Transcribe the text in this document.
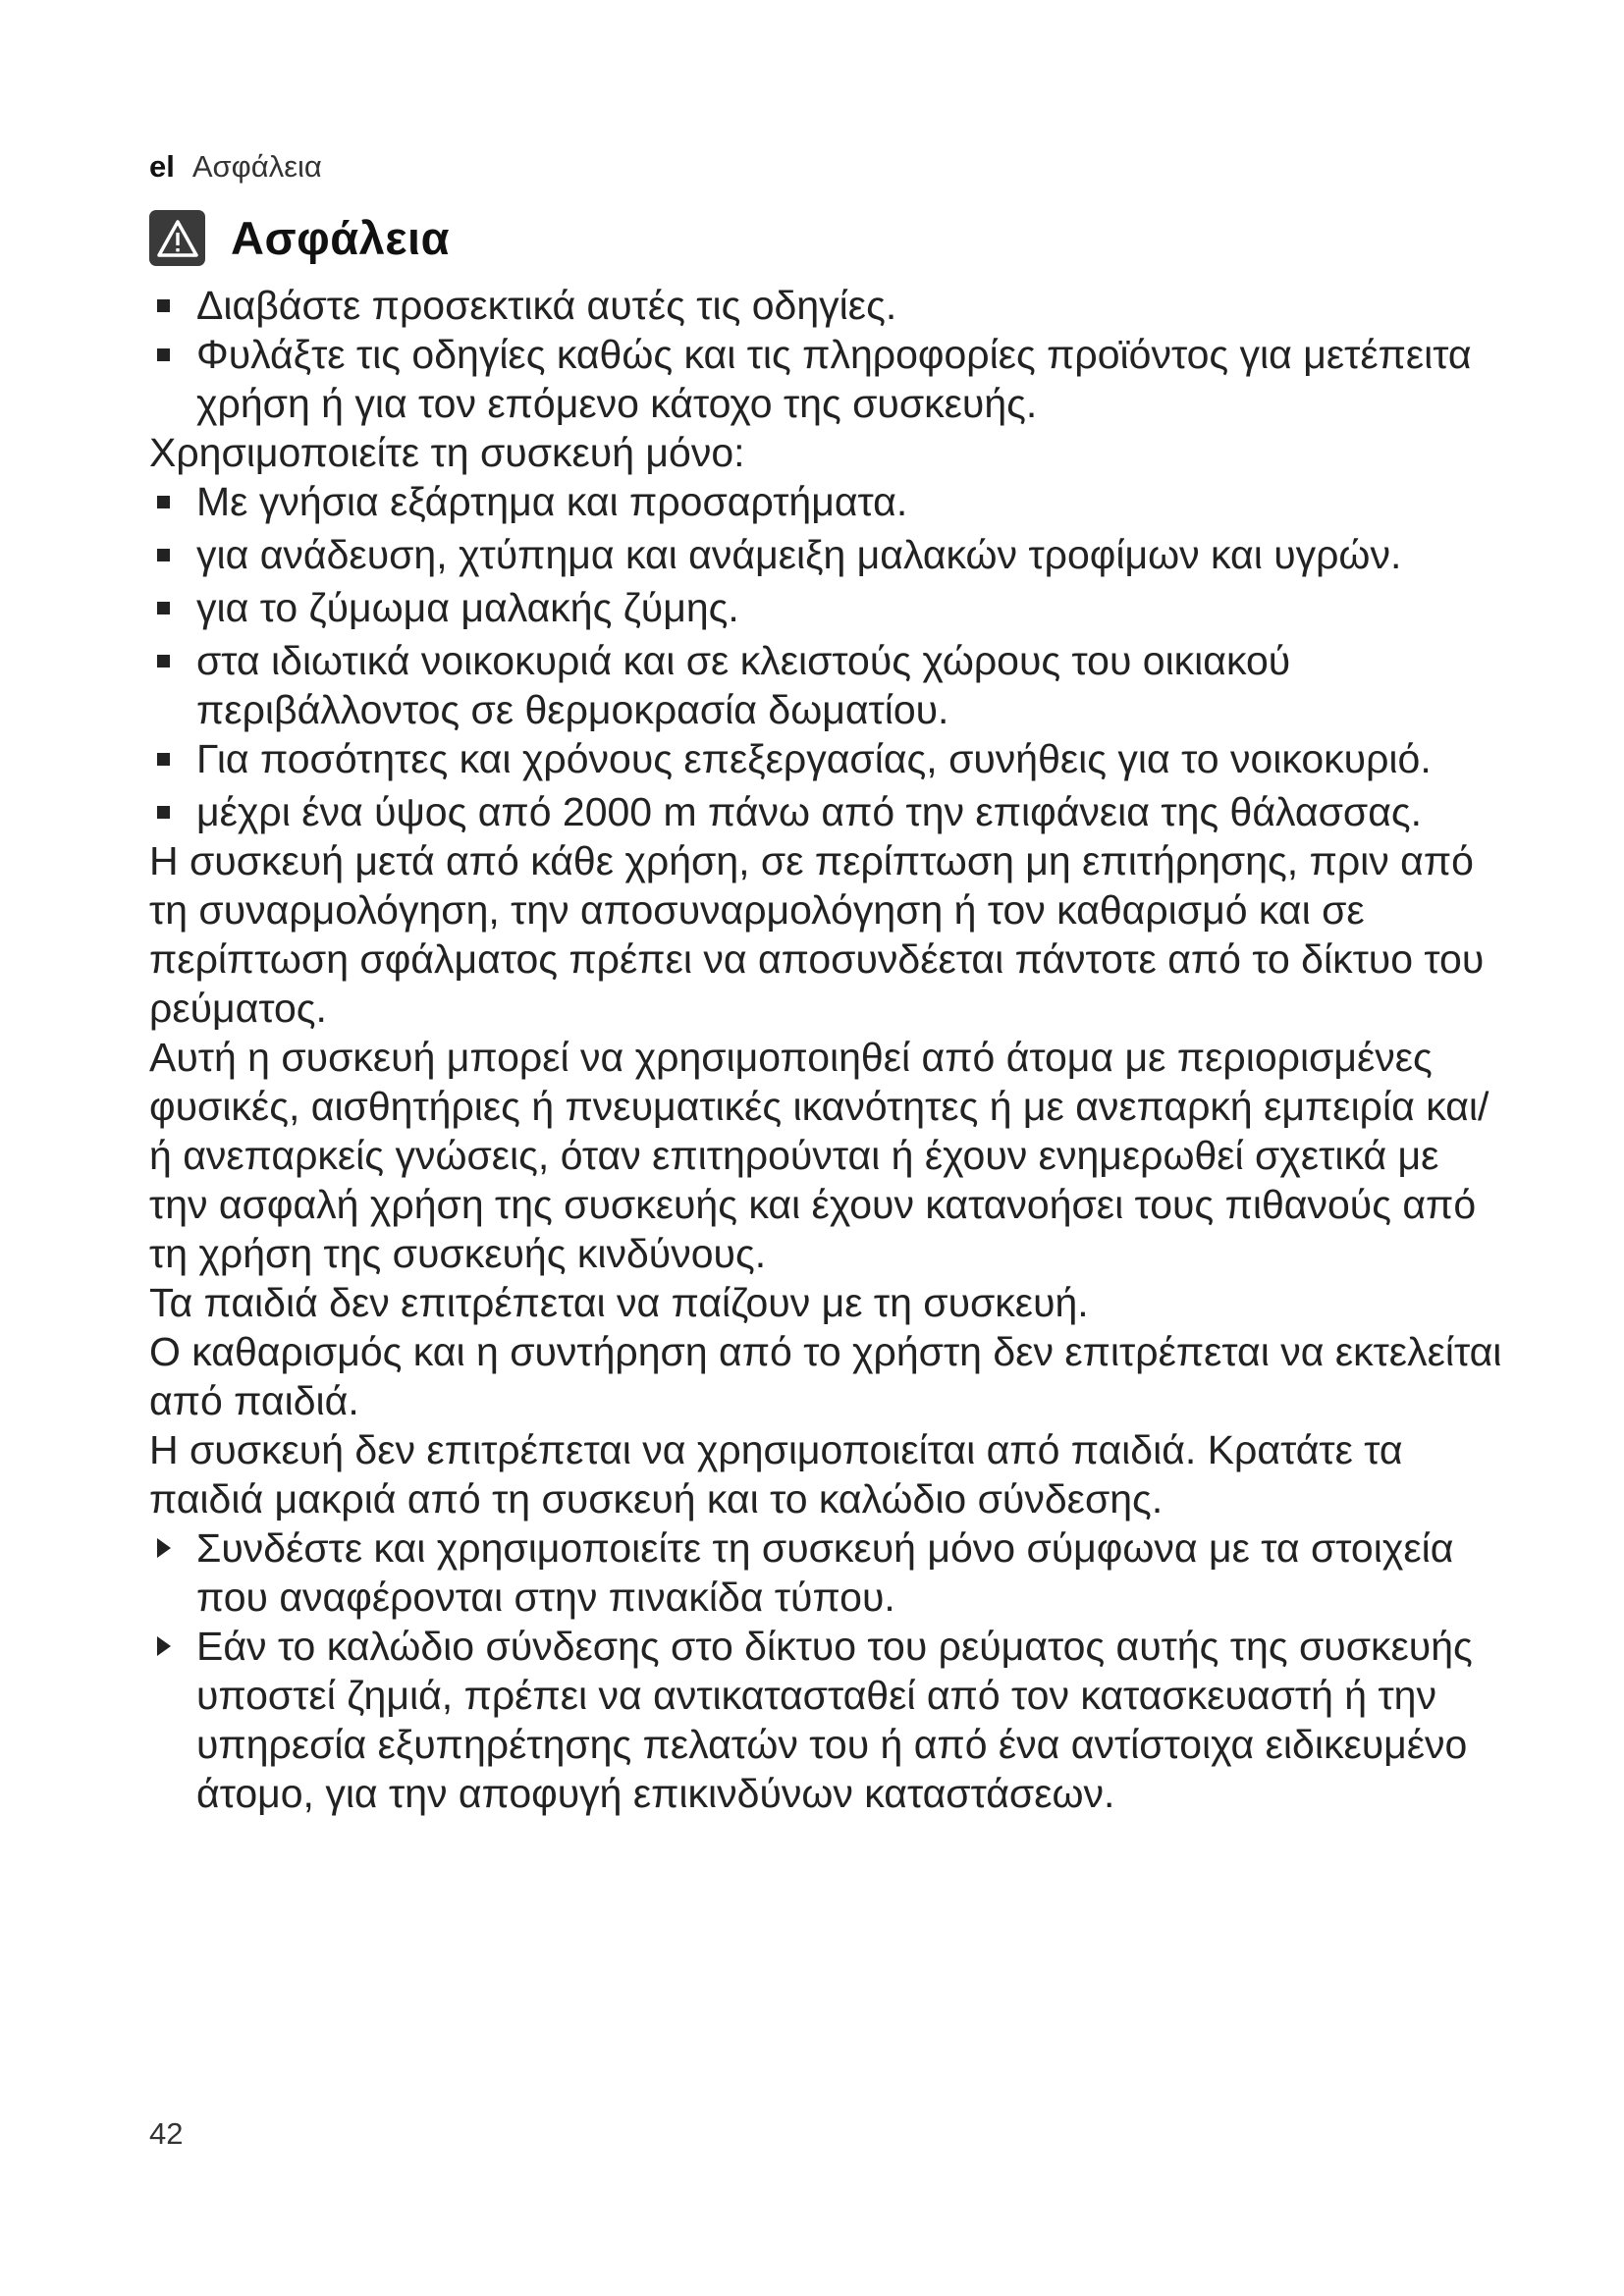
el Ασφάλεια
Ασφάλεια
Διαβάστε προσεκτικά αυτές τις οδηγίες.
Φυλάξτε τις οδηγίες καθώς και τις πληροφορίες προϊόντος για μετέπειτα χρήση ή για τον επόμενο κάτοχο της συσκευής.

Χρησιμοποιείτε τη συσκευή μόνο:

Με γνήσια εξάρτημα και προσαρτήματα.
για ανάδευση, χτύπημα και ανάμειξη μαλακών τροφίμων και υγρών.
για το ζύμωμα μαλακής ζύμης.
στα ιδιωτικά νοικοκυριά και σε κλειστούς χώρους του οικιακού περιβάλλοντος σε θερμοκρασία δωματίου.
Για ποσότητες και χρόνους επεξεργασίας, συνήθεις για το νοικοκυριό.
μέχρι ένα ύψος από 2000 m πάνω από την επιφάνεια της θάλασσας.

Η συσκευή μετά από κάθε χρήση, σε περίπτωση μη επιτήρησης, πριν από τη συναρμολόγηση, την αποσυναρμολόγηση ή τον καθαρισμό και σε περίπτωση σφάλματος πρέπει να αποσυνδέεται πάντοτε από το δίκτυο του ρεύματος.

Αυτή η συσκευή μπορεί να χρησιμοποιηθεί από άτομα με περιορισμένες φυσικές, αισθητήριες ή πνευματικές ικανότητες ή με ανεπαρκή εμπειρία και/ή ανεπαρκείς γνώσεις, όταν επιτηρούνται ή έχουν ενημερωθεί σχετικά με την ασφαλή χρήση της συσκευής και έχουν κατανοήσει τους πιθανούς από τη χρήση της συσκευής κινδύνους.

Τα παιδιά δεν επιτρέπεται να παίζουν με τη συσκευή.

Ο καθαρισμός και η συντήρηση από το χρήστη δεν επιτρέπεται να εκτελείται από παιδιά.

Η συσκευή δεν επιτρέπεται να χρησιμοποιείται από παιδιά. Κρατάτε τα παιδιά μακριά από τη συσκευή και το καλώδιο σύνδεσης.

Συνδέστε και χρησιμοποιείτε τη συσκευή μόνο σύμφωνα με τα στοιχεία που αναφέρονται στην πινακίδα τύπου.
Εάν το καλώδιο σύνδεσης στο δίκτυο του ρεύματος αυτής της συσκευής υποστεί ζημιά, πρέπει να αντικατασταθεί από τον κατασκευαστή ή την υπηρεσία εξυπηρέτησης πελατών του ή από ένα αντίστοιχα ειδικευμένο άτομο, για την αποφυγή επικινδύνων καταστάσεων.
42
